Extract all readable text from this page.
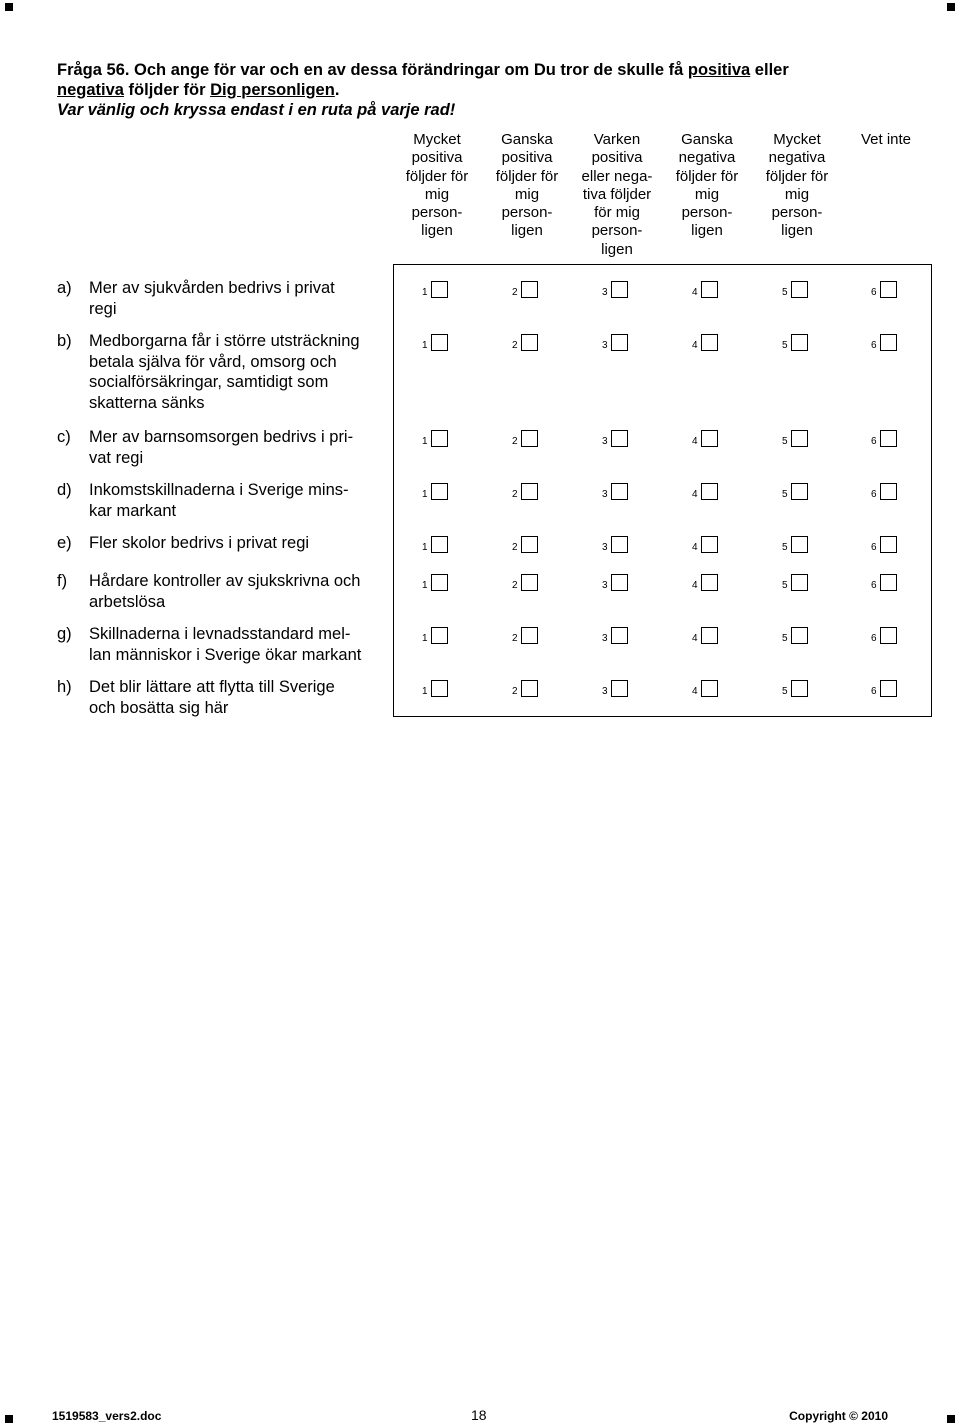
Fråga 56. Och ange för var och en av dessa förändringar om Du tror de skulle få positiva eller
negativa följder för Dig personligen.
Var vänlig och kryssa endast i en ruta på varje rad!
Mycket
positiva
följder för
mig
person-
ligen
Ganska
positiva
följder för
mig
person-
ligen
Varken
positiva
eller nega-
tiva följder
för mig
person-
ligen
Ganska
negativa
följder för
mig
person-
ligen
Mycket
negativa
följder för
mig
person-
ligen
Vet inte
a) Mer av sjukvården bedrivs i privat
regi
1	2	3	4	5	6
b) Medborgarna får i större utsträckning
betala själva för vård, omsorg och
socialförsäkringar, samtidigt som
skatterna sänks
1	2	3	4	5	6
c) Mer av barnsomsorgen bedrivs i pri-
vat regi
1	2	3	4	5	6
d) Inkomstskillnaderna i Sverige mins-
kar markant
1	2	3	4	5	6
e) Fler skolor bedrivs i privat regi	1	2	3	4	5	6
f) Hårdare kontroller av sjukskrivna och
arbetslösa
1	2	3	4	5	6
g) Skillnaderna i levnadsstandard mel-
lan människor i Sverige ökar markant
1	2	3	4	5	6
h) Det blir lättare att flytta till Sverige
och bosätta sig här
1	2	3	4	5	6
1519583_vers2.doc	18	Copyright © 2010
